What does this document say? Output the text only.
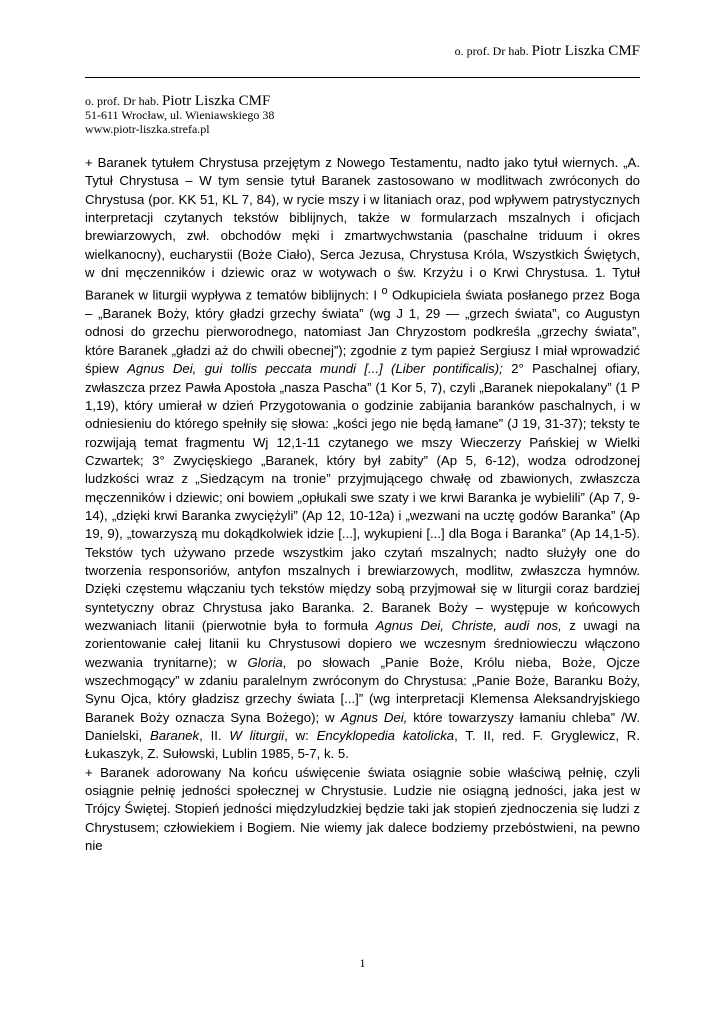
o. prof. Dr hab. Piotr Liszka CMF
o. prof. Dr hab. Piotr Liszka CMF
51-611 Wrocław, ul. Wieniawskiego 38
www.piotr-liszka.strefa.pl

+ Baranek tytułem Chrystusa przejętym z Nowego Testamentu, nadto jako tytuł wiernych. „A. Tytuł Chrystusa – W tym sensie tytuł Baranek zastosowano w modlitwach zwróconych do Chrystusa (por. KK 51, KL 7, 84), w rycie mszy i w litaniach oraz, pod wpływem patrystycznych interpretacji czytanych tekstów biblijnych, także w formularzach mszalnych i oficjach brewiarzowych, zwł. obchodów męki i zmartwychwstania (paschalne triduum i okres wielkanocny), eucharystii (Boże Ciało), Serca Jezusa, Chrystusa Króla, Wszystkich Świętych, w dni męczenników i dziewic oraz w wotywach o św. Krzyżu i o Krwi Chrystusa. 1. Tytuł Baranek w liturgii wypływa z tematów biblijnych: I $^o$ Odkupiciela świata posłanego przez Boga – „Baranek Boży, który gładzi grzechy świata” (wg J 1, 29 — „grzech świata”, co Augustyn odnosi do grzechu pierworodnego, natomiast Jan Chryzostom podkreśla „grzechy świata”, które Baranek „gładzi aż do chwili obecnej”); zgodnie z tym papież Sergiusz I miał wprowadzić śpiew Agnus Dei, gui tollis peccata mundi [...] (Liber pontificalis); 2° Paschalnej ofiary, zwłaszcza przez Pawła Apostoła „nasza Pascha” (1 Kor 5, 7), czyli „Baranek niepokalany” (1 P 1,19), który umierał w dzień Przygotowania o godzinie zabijania baranków paschalnych, i w odniesieniu do którego spełniły się słowa: „kości jego nie będą łamane” (J 19, 31-37); teksty te rozwijają temat fragmentu Wj 12,1-11 czytanego we mszy Wieczerzy Pańskiej w Wielki Czwartek; 3° Zwycięskiego „Baranek, który był zabity” (Ap 5, 6-12), wodza odrodzonej ludzkości wraz z „Siedzącym na tronie” przyjmującego chwałę od zbawionych, zwłaszcza męczenników i dziewic; oni bowiem „opłukali swe szaty i we krwi Baranka je wybielili” (Ap 7, 9-14), „dzięki krwi Baranka zwyciężyli” (Ap 12, 10-12a) i „wezwani na ucztę godów Baranka” (Ap 19, 9), „towarzyszą mu dokądkolwiek idzie [...], wykupieni [...] dla Boga i Baranka” (Ap 14,1-5). Tekstów tych używano przede wszystkim jako czytań mszalnych; nadto służyły one do tworzenia responsoriów, antyfon mszalnych i brewiarzowych, modlitw, zwłaszcza hymnów. Dzięki częstemu włączaniu tych tekstów między sobą przyjmował się w liturgii coraz bardziej syntetyczny obraz Chrystusa jako Baranka. 2. Baranek Boży – występuje w końcowych wezwaniach litanii (pierwotnie była to formuła Agnus Dei, Christe, audi nos, z uwagi na zorientowanie całej litanii ku Chrystusowi dopiero we wczesnym średniowieczu włączono wezwania trynitarne); w Gloria, po słowach „Panie Boże, Królu nieba, Boże, Ojcze wszechmogący” w zdaniu paralelnym zwróconym do Chrystusa: „Panie Boże, Baranku Boży, Synu Ojca, który gładzisz grzechy świata [...]” (wg interpretacji Klemensa Aleksandryjskiego Baranek Boży oznacza Syna Bożego); w Agnus Dei, które towarzyszy łamaniu chleba” /W. Danielski, Baranek, II. W liturgii, w: Encyklopedia katolicka, T. II, red. F. Gryglewicz, R. Łukaszyk, Z. Sułowski, Lublin 1985, 5-7, k. 5.

+ Baranek adorowany Na końcu uświęcenie świata osiągnie sobie właściwą pełnię, czyli osiągnie pełnię jedności społecznej w Chrystusie. Ludzie nie osiągną jedności, jaka jest w Trójcy Świętej. Stopień jedności międzyludzkiej będzie taki jak stopień zjednoczenia się ludzi z Chrystusem; człowiekiem i Bogiem. Nie wiemy jak dalece bodziemy przebóstwieni, na pewno nie

1
